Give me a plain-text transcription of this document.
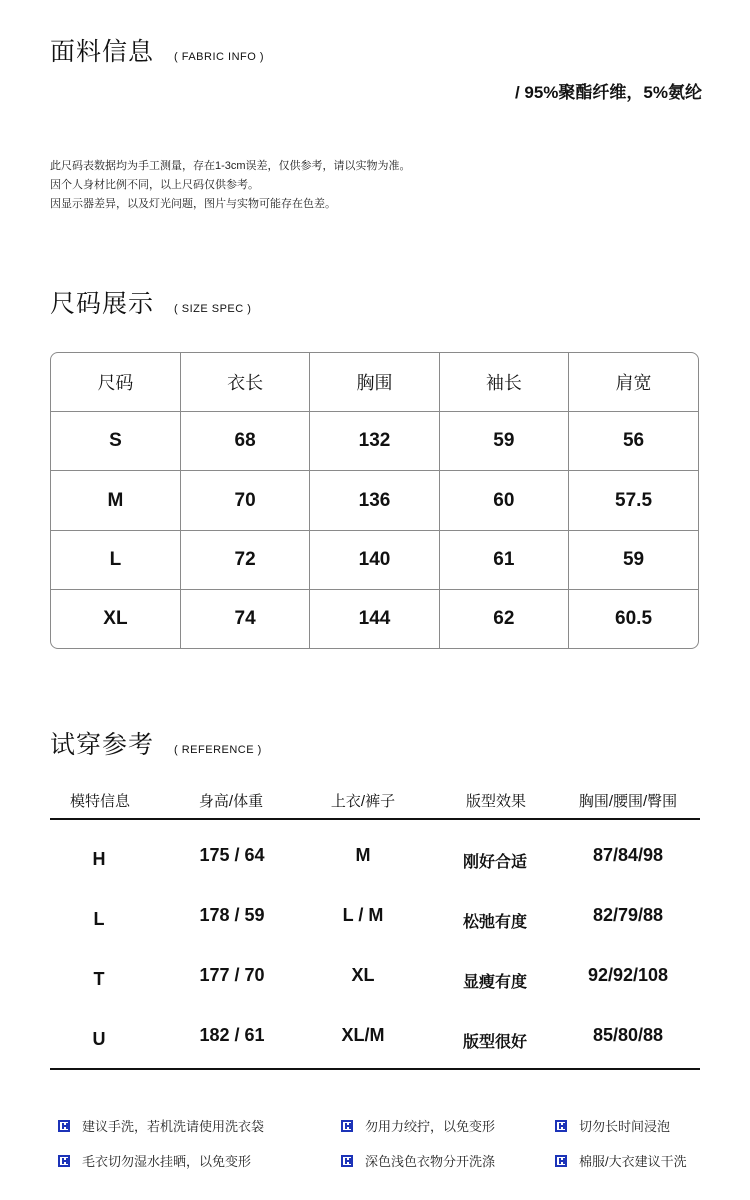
面料信息 ( FABRIC INFO )
/ 95%聚酯纤维，5%氨纶
此尺码表数据均为手工测量，存在1-3cm误差，仅供参考，请以实物为准。
因个人身材比例不同，以上尺码仅供参考。
因显示器差异，以及灯光问题，图片与实物可能存在色差。
尺码展示 ( SIZE SPEC )
尺码	衣长	胸围	袖长	肩宽
S	68	132	59	56
M	70	136	60	57.5
L	72	140	61	59
XL	74	144	62	60.5
试穿参考 ( REFERENCE )
模特信息	身高/体重	上衣/裤子	版型效果	胸围/腰围/臀围
H	175 / 64	M	刚好合适	87/84/98
L	178 / 59	L / M	松弛有度	82/79/88
T	177 / 70	XL	显瘦有度	92/92/108
U	182 / 61	XL/M	版型很好	85/80/88
建议手洗，若机洗请使用洗衣袋	勿用力绞拧，以免变形	切勿长时间浸泡
毛衣切勿湿水挂晒，以免变形	深色浅色衣物分开洗涤	棉服/大衣建议干洗
